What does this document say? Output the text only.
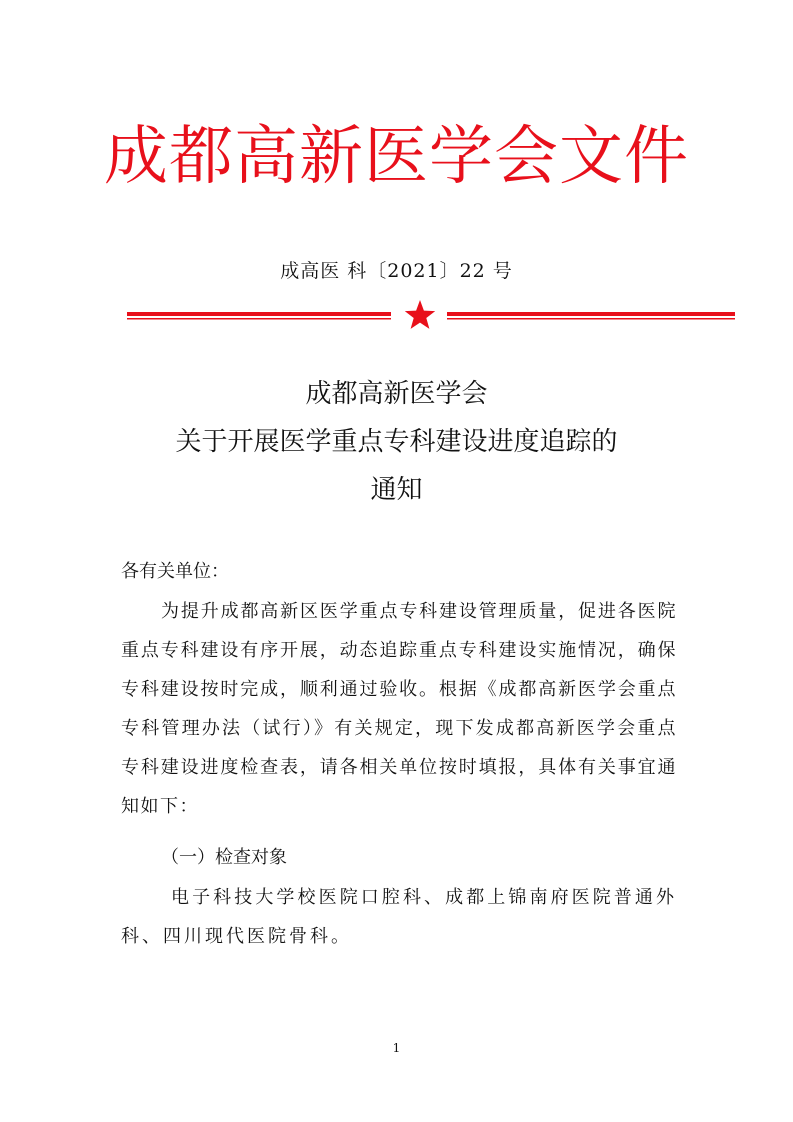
成都高新医学会文件
成高医 科〔2021〕22 号
成都高新医学会
关于开展医学重点专科建设进度追踪的
通知
各有关单位：
为提升成都高新区医学重点专科建设管理质量，促进各医院重点专科建设有序开展，动态追踪重点专科建设实施情况，确保专科建设按时完成，顺利通过验收。根据《成都高新医学会重点专科管理办法（试行）》有关规定，现下发成都高新医学会重点专科建设进度检查表，请各相关单位按时填报，具体有关事宜通知如下：
（一）检查对象
电子科技大学校医院口腔科、成都上锦南府医院普通外科、四川现代医院骨科。
1
